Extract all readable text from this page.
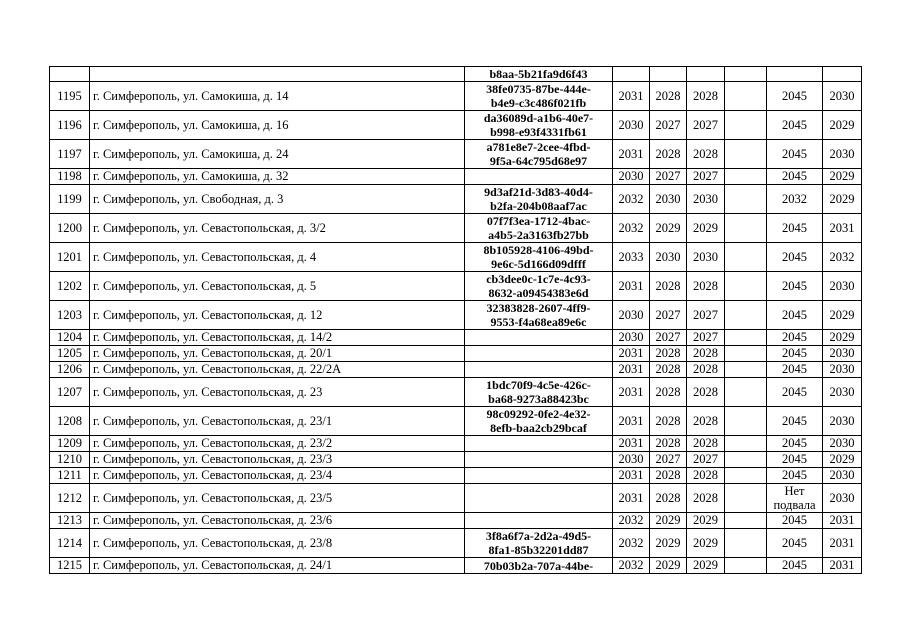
		b8aa-5b21fa9d6f43						

1195	г. Симферополь, ул. Самокиша, д. 14	38fe0735-87be-444e-
b4e9-c3c486f021fb	2031	2028	2028		2045	2030
1196	г. Симферополь, ул. Самокиша, д. 16	da36089d-a1b6-40e7-
b998-e93f4331fb61	2030	2027	2027		2045	2029
1197	г. Симферополь, ул. Самокиша, д. 24	a781e8e7-2cee-4fbd-
9f5a-64c795d68e97	2031	2028	2028		2045	2030
1198	г. Симферополь, ул. Самокиша, д. 32		2030	2027	2027		2045	2029
1199	г. Симферополь, ул. Свободная, д. 3	9d3af21d-3d83-40d4-
b2fa-204b08aaf7ac	2032	2030	2030		2032	2029
1200	г. Симферополь, ул. Севастопольская, д. 3/2	07f7f3ea-1712-4bac-
a4b5-2a3163fb27bb	2032	2029	2029		2045	2031
1201	г. Симферополь, ул. Севастопольская, д. 4	8b105928-4106-49bd-
9e6c-5d166d09dfff	2033	2030	2030		2045	2032
1202	г. Симферополь, ул. Севастопольская, д. 5	cb3dee0c-1c7e-4c93-
8632-a09454383e6d	2031	2028	2028		2045	2030
1203	г. Симферополь, ул. Севастопольская, д. 12	32383828-2607-4ff9-
9553-f4a68ea89e6c	2030	2027	2027		2045	2029
1204	г. Симферополь, ул. Севастопольская, д. 14/2		2030	2027	2027		2045	2029
1205	г. Симферополь, ул. Севастопольская, д. 20/1		2031	2028	2028		2045	2030
1206	г. Симферополь, ул. Севастопольская, д. 22/2А		2031	2028	2028		2045	2030
1207	г. Симферополь, ул. Севастопольская, д. 23	1bdc70f9-4c5e-426c-
ba68-9273a88423bc	2031	2028	2028		2045	2030
1208	г. Симферополь, ул. Севастопольская, д. 23/1	98c09292-0fe2-4e32-
8efb-baa2cb29bcaf	2031	2028	2028		2045	2030
1209	г. Симферополь, ул. Севастопольская, д. 23/2		2031	2028	2028		2045	2030
1210	г. Симферополь, ул. Севастопольская, д. 23/3		2030	2027	2027		2045	2029
1211	г. Симферополь, ул. Севастопольская, д. 23/4		2031	2028	2028		2045	2030
1212	г. Симферополь, ул. Севастопольская, д. 23/5		2031	2028	2028		Нет подвала	2030
1213	г. Симферополь, ул. Севастопольская, д. 23/6		2032	2029	2029		2045	2031
1214	г. Симферополь, ул. Севастопольская, д. 23/8	3f8a6f7a-2d2a-49d5-
8fa1-85b32201dd87	2032	2029	2029		2045	2031
1215	г. Симферополь, ул. Севастопольская, д. 24/1	70b03b2a-707a-44be-	2032	2029	2029		2045	2031
